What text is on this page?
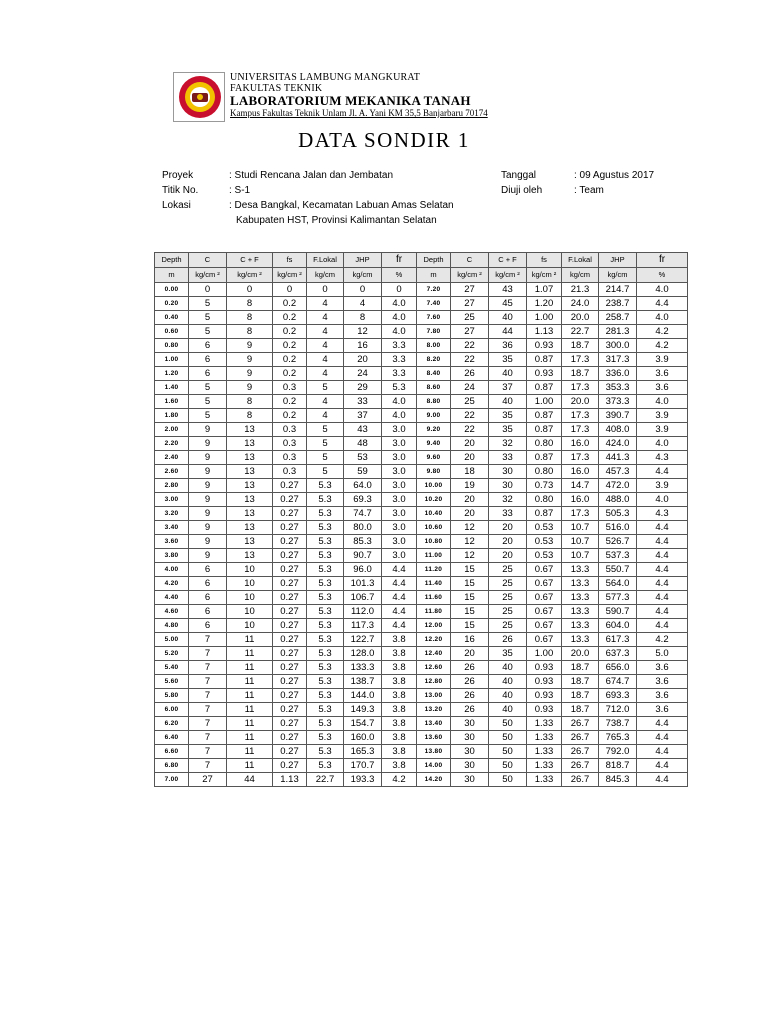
UNIVERSITAS LAMBUNG MANGKURAT
FAKULTAS TEKNIK
LABORATORIUM MEKANIKA TANAH
Kampus Fakultas Teknik Unlam Jl. A. Yani KM 35,5 Banjarbaru 70174
DATA SONDIR 1
Proyek	: Studi Rencana Jalan dan Jembatan
Titik No.	: S-1
Lokasi	: Desa Bangkal, Kecamatan Labuan Amas Selatan
Kabupaten HST, Provinsi Kalimantan Selatan
Tanggal	: 09 Agustus 2017
Diuji oleh	: Team
Depth	C	C + F	fs	F.Lokal	JHP	fr	Depth	C	C + F	fs	F.Lokal	JHP	fr
m	kg/cm ²	kg/cm ²	kg/cm ²	kg/cm	kg/cm	%	m	kg/cm ²	kg/cm ²	kg/cm ²	kg/cm	kg/cm	%
0.00	0	0	0	0	0	0	7.20	27	43	1.07	21.3	214.7	4.0
0.20	5	8	0.2	4	4	4.0	7.40	27	45	1.20	24.0	238.7	4.4
0.40	5	8	0.2	4	8	4.0	7.60	25	40	1.00	20.0	258.7	4.0
0.60	5	8	0.2	4	12	4.0	7.80	27	44	1.13	22.7	281.3	4.2
0.80	6	9	0.2	4	16	3.3	8.00	22	36	0.93	18.7	300.0	4.2
1.00	6	9	0.2	4	20	3.3	8.20	22	35	0.87	17.3	317.3	3.9
1.20	6	9	0.2	4	24	3.3	8.40	26	40	0.93	18.7	336.0	3.6
1.40	5	9	0.3	5	29	5.3	8.60	24	37	0.87	17.3	353.3	3.6
1.60	5	8	0.2	4	33	4.0	8.80	25	40	1.00	20.0	373.3	4.0
1.80	5	8	0.2	4	37	4.0	9.00	22	35	0.87	17.3	390.7	3.9
2.00	9	13	0.3	5	43	3.0	9.20	22	35	0.87	17.3	408.0	3.9
2.20	9	13	0.3	5	48	3.0	9.40	20	32	0.80	16.0	424.0	4.0
2.40	9	13	0.3	5	53	3.0	9.60	20	33	0.87	17.3	441.3	4.3
2.60	9	13	0.3	5	59	3.0	9.80	18	30	0.80	16.0	457.3	4.4
2.80	9	13	0.27	5.3	64.0	3.0	10.00	19	30	0.73	14.7	472.0	3.9
3.00	9	13	0.27	5.3	69.3	3.0	10.20	20	32	0.80	16.0	488.0	4.0
3.20	9	13	0.27	5.3	74.7	3.0	10.40	20	33	0.87	17.3	505.3	4.3
3.40	9	13	0.27	5.3	80.0	3.0	10.60	12	20	0.53	10.7	516.0	4.4
3.60	9	13	0.27	5.3	85.3	3.0	10.80	12	20	0.53	10.7	526.7	4.4
3.80	9	13	0.27	5.3	90.7	3.0	11.00	12	20	0.53	10.7	537.3	4.4
4.00	6	10	0.27	5.3	96.0	4.4	11.20	15	25	0.67	13.3	550.7	4.4
4.20	6	10	0.27	5.3	101.3	4.4	11.40	15	25	0.67	13.3	564.0	4.4
4.40	6	10	0.27	5.3	106.7	4.4	11.60	15	25	0.67	13.3	577.3	4.4
4.60	6	10	0.27	5.3	112.0	4.4	11.80	15	25	0.67	13.3	590.7	4.4
4.80	6	10	0.27	5.3	117.3	4.4	12.00	15	25	0.67	13.3	604.0	4.4
5.00	7	11	0.27	5.3	122.7	3.8	12.20	16	26	0.67	13.3	617.3	4.2
5.20	7	11	0.27	5.3	128.0	3.8	12.40	20	35	1.00	20.0	637.3	5.0
5.40	7	11	0.27	5.3	133.3	3.8	12.60	26	40	0.93	18.7	656.0	3.6
5.60	7	11	0.27	5.3	138.7	3.8	12.80	26	40	0.93	18.7	674.7	3.6
5.80	7	11	0.27	5.3	144.0	3.8	13.00	26	40	0.93	18.7	693.3	3.6
6.00	7	11	0.27	5.3	149.3	3.8	13.20	26	40	0.93	18.7	712.0	3.6
6.20	7	11	0.27	5.3	154.7	3.8	13.40	30	50	1.33	26.7	738.7	4.4
6.40	7	11	0.27	5.3	160.0	3.8	13.60	30	50	1.33	26.7	765.3	4.4
6.60	7	11	0.27	5.3	165.3	3.8	13.80	30	50	1.33	26.7	792.0	4.4
6.80	7	11	0.27	5.3	170.7	3.8	14.00	30	50	1.33	26.7	818.7	4.4
7.00	27	44	1.13	22.7	193.3	4.2	14.20	30	50	1.33	26.7	845.3	4.4
